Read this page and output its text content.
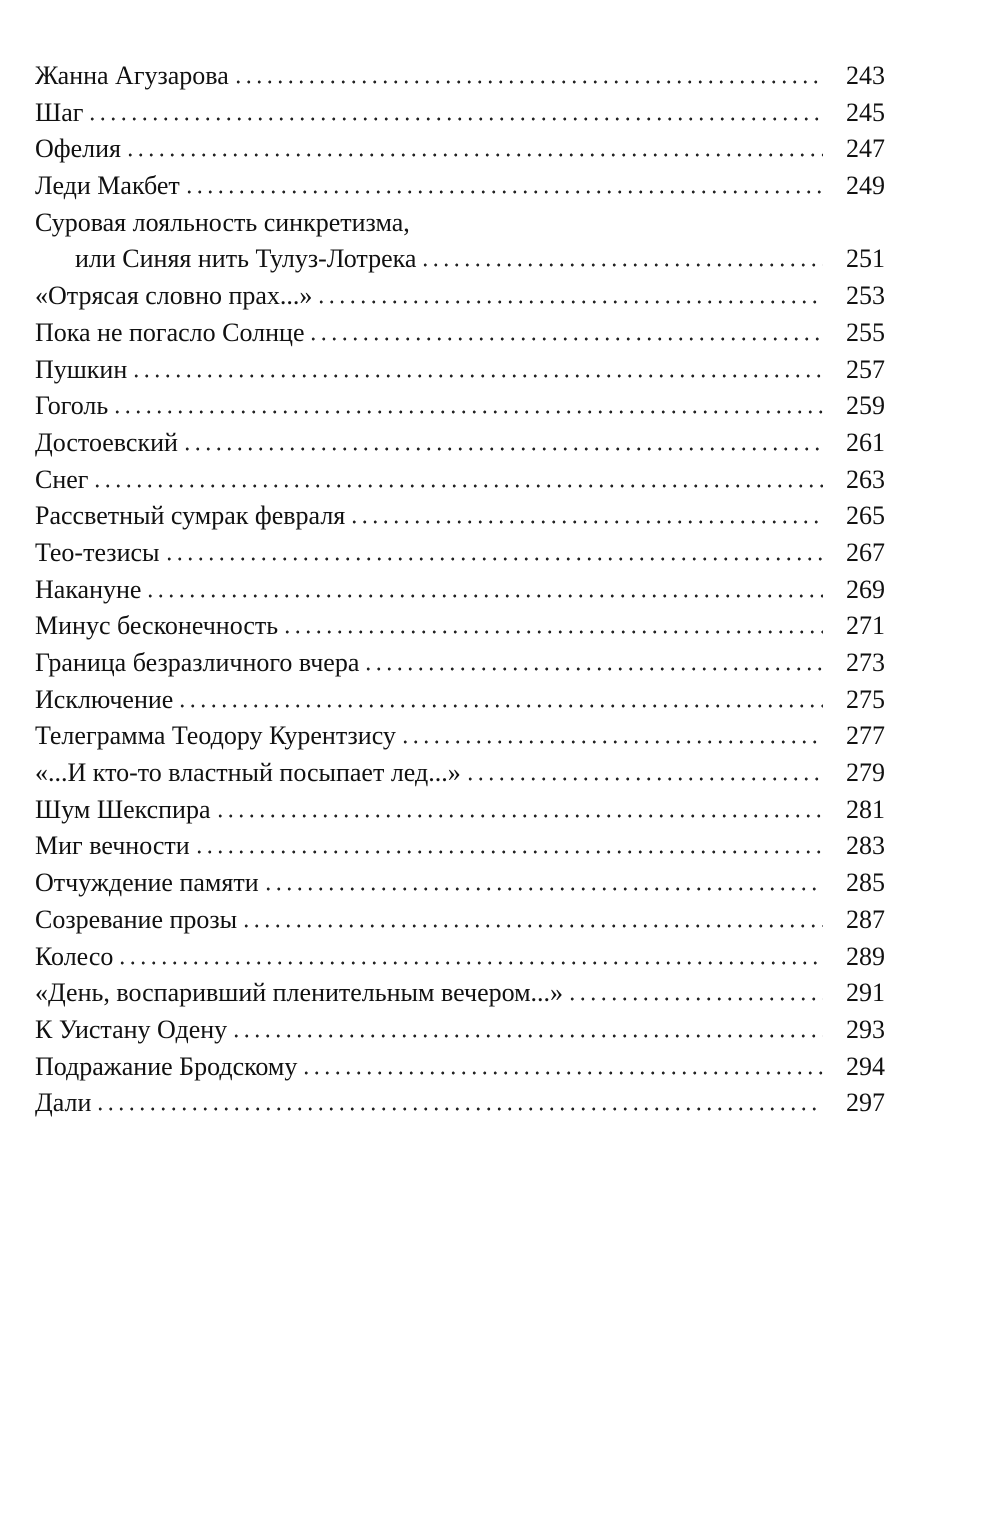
Жанна Агузарова	243
Шаг	245
Офелия	247
Леди Макбет	249
Суровая лояльность синкретизма,
или Синяя нить Тулуз-Лотрека	251
«Отрясая словно прах...»	253
Пока не погасло Солнце	255
Пушкин	257
Гоголь	259
Достоевский	261
Снег	263
Рассветный сумрак февраля	265
Тео-тезисы	267
Накануне	269
Минус бесконечность	271
Граница безразличного вчера	273
Исключение	275
Телеграмма Теодору Курентзису	277
«...И кто-то властный посыпает лед...»	279
Шум Шекспира	281
Миг вечности	283
Отчуждение памяти	285
Созревание прозы	287
Колесо	289
«День, воспаривший пленительным вечером...»	291
К Уистану Одену	293
Подражание Бродскому	294
Дали	297
